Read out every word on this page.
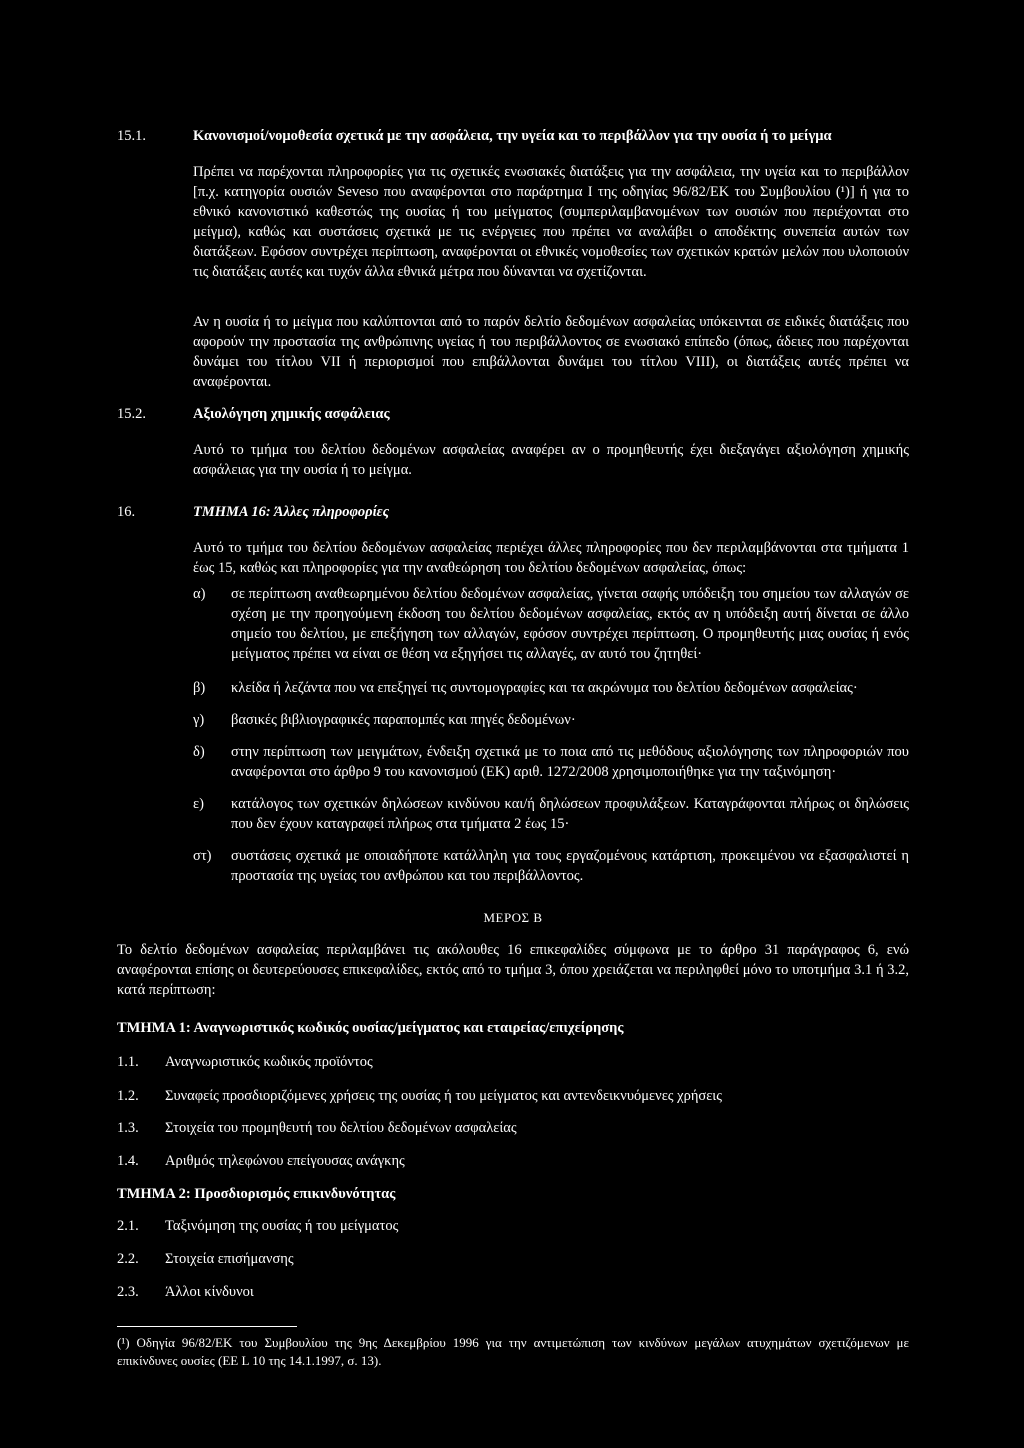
15.1.	Κανονισμοί/νομοθεσία σχετικά με την ασφάλεια, την υγεία και το περιβάλλον για την ουσία ή το μείγμα
Πρέπει να παρέχονται πληροφορίες για τις σχετικές ενωσιακές διατάξεις για την ασφάλεια, την υγεία και το περιβάλλον [π.χ. κατηγορία ουσιών Seveso που αναφέρονται στο παράρτημα I της οδηγίας 96/82/ΕΚ του Συμβουλίου (¹)] ή για το εθνικό κανονιστικό καθεστώς της ουσίας ή του μείγματος (συμπεριλαμβανομένων των ουσιών που περιέχονται στο μείγμα), καθώς και συστάσεις σχετικά με τις ενέργειες που πρέπει να αναλάβει ο αποδέκτης συνεπεία αυτών των διατάξεων. Εφόσον συντρέχει περίπτωση, αναφέρονται οι εθνικές νομοθεσίες των σχετικών κρατών μελών που υλοποιούν τις διατάξεις αυτές και τυχόν άλλα εθνικά μέτρα που δύνανται να σχετίζονται.
Αν η ουσία ή το μείγμα που καλύπτονται από το παρόν δελτίο δεδομένων ασφαλείας υπόκεινται σε ειδικές διατάξεις που αφορούν την προστασία της ανθρώπινης υγείας ή του περιβάλλοντος σε ενωσιακό επίπεδο (όπως, άδειες που παρέχονται δυνάμει του τίτλου VII ή περιορισμοί που επιβάλλονται δυνάμει του τίτλου VIII), οι διατάξεις αυτές πρέπει να αναφέρονται.
15.2.	Αξιολόγηση χημικής ασφάλειας
Αυτό το τμήμα του δελτίου δεδομένων ασφαλείας αναφέρει αν ο προμηθευτής έχει διεξαγάγει αξιολόγηση χημικής ασφάλειας για την ουσία ή το μείγμα.
16.	ΤΜΗΜΑ 16: Άλλες πληροφορίες
Αυτό το τμήμα του δελτίου δεδομένων ασφαλείας περιέχει άλλες πληροφορίες που δεν περιλαμβάνονται στα τμήματα 1 έως 15, καθώς και πληροφορίες για την αναθεώρηση του δελτίου δεδομένων ασφαλείας, όπως:
α)	σε περίπτωση αναθεωρημένου δελτίου δεδομένων ασφαλείας, γίνεται σαφής υπόδειξη του σημείου των αλλαγών σε σχέση με την προηγούμενη έκδοση του δελτίου δεδομένων ασφαλείας, εκτός αν η υπόδειξη αυτή δίνεται σε άλλο σημείο του δελτίου, με επεξήγηση των αλλαγών, εφόσον συντρέχει περίπτωση. Ο προμηθευτής μιας ουσίας ή ενός μείγματος πρέπει να είναι σε θέση να εξηγήσει τις αλλαγές, αν αυτό του ζητηθεί·
β)	κλείδα ή λεζάντα που να επεξηγεί τις συντομογραφίες και τα ακρώνυμα του δελτίου δεδομένων ασφαλείας·
γ)	βασικές βιβλιογραφικές παραπομπές και πηγές δεδομένων·
δ)	στην περίπτωση των μειγμάτων, ένδειξη σχετικά με το ποια από τις μεθόδους αξιολόγησης των πληροφοριών που αναφέρονται στο άρθρο 9 του κανονισμού (ΕΚ) αριθ. 1272/2008 χρησιμοποιήθηκε για την ταξινόμηση·
ε)	κατάλογος των σχετικών δηλώσεων κινδύνου και/ή δηλώσεων προφυλάξεων. Καταγράφονται πλήρως οι δηλώσεις που δεν έχουν καταγραφεί πλήρως στα τμήματα 2 έως 15·
στ)	συστάσεις σχετικά με οποιαδήποτε κατάλληλη για τους εργαζομένους κατάρτιση, προκειμένου να εξασφαλιστεί η προστασία της υγείας του ανθρώπου και του περιβάλλοντος.
ΜΕΡΟΣ B
Το δελτίο δεδομένων ασφαλείας περιλαμβάνει τις ακόλουθες 16 επικεφαλίδες σύμφωνα με το άρθρο 31 παράγραφος 6, ενώ αναφέρονται επίσης οι δευτερεύουσες επικεφαλίδες, εκτός από το τμήμα 3, όπου χρειάζεται να περιληφθεί μόνο το υποτμήμα 3.1 ή 3.2, κατά περίπτωση:
ΤΜΗΜΑ 1: Αναγνωριστικός κωδικός ουσίας/μείγματος και εταιρείας/επιχείρησης
1.1. Αναγνωριστικός κωδικός προϊόντος
1.2. Συναφείς προσδιοριζόμενες χρήσεις της ουσίας ή του μείγματος και αντενδεικνυόμενες χρήσεις
1.3. Στοιχεία του προμηθευτή του δελτίου δεδομένων ασφαλείας
1.4. Αριθμός τηλεφώνου επείγουσας ανάγκης
ΤΜΗΜΑ 2: Προσδιορισμός επικινδυνότητας
2.1. Ταξινόμηση της ουσίας ή του μείγματος
2.2. Στοιχεία επισήμανσης
2.3. Άλλοι κίνδυνοι
(¹) Οδηγία 96/82/ΕΚ του Συμβουλίου της 9ης Δεκεμβρίου 1996 για την αντιμετώπιση των κινδύνων μεγάλων ατυχημάτων σχετιζόμενων με επικίνδυνες ουσίες (ΕΕ L 10 της 14.1.1997, σ. 13).
